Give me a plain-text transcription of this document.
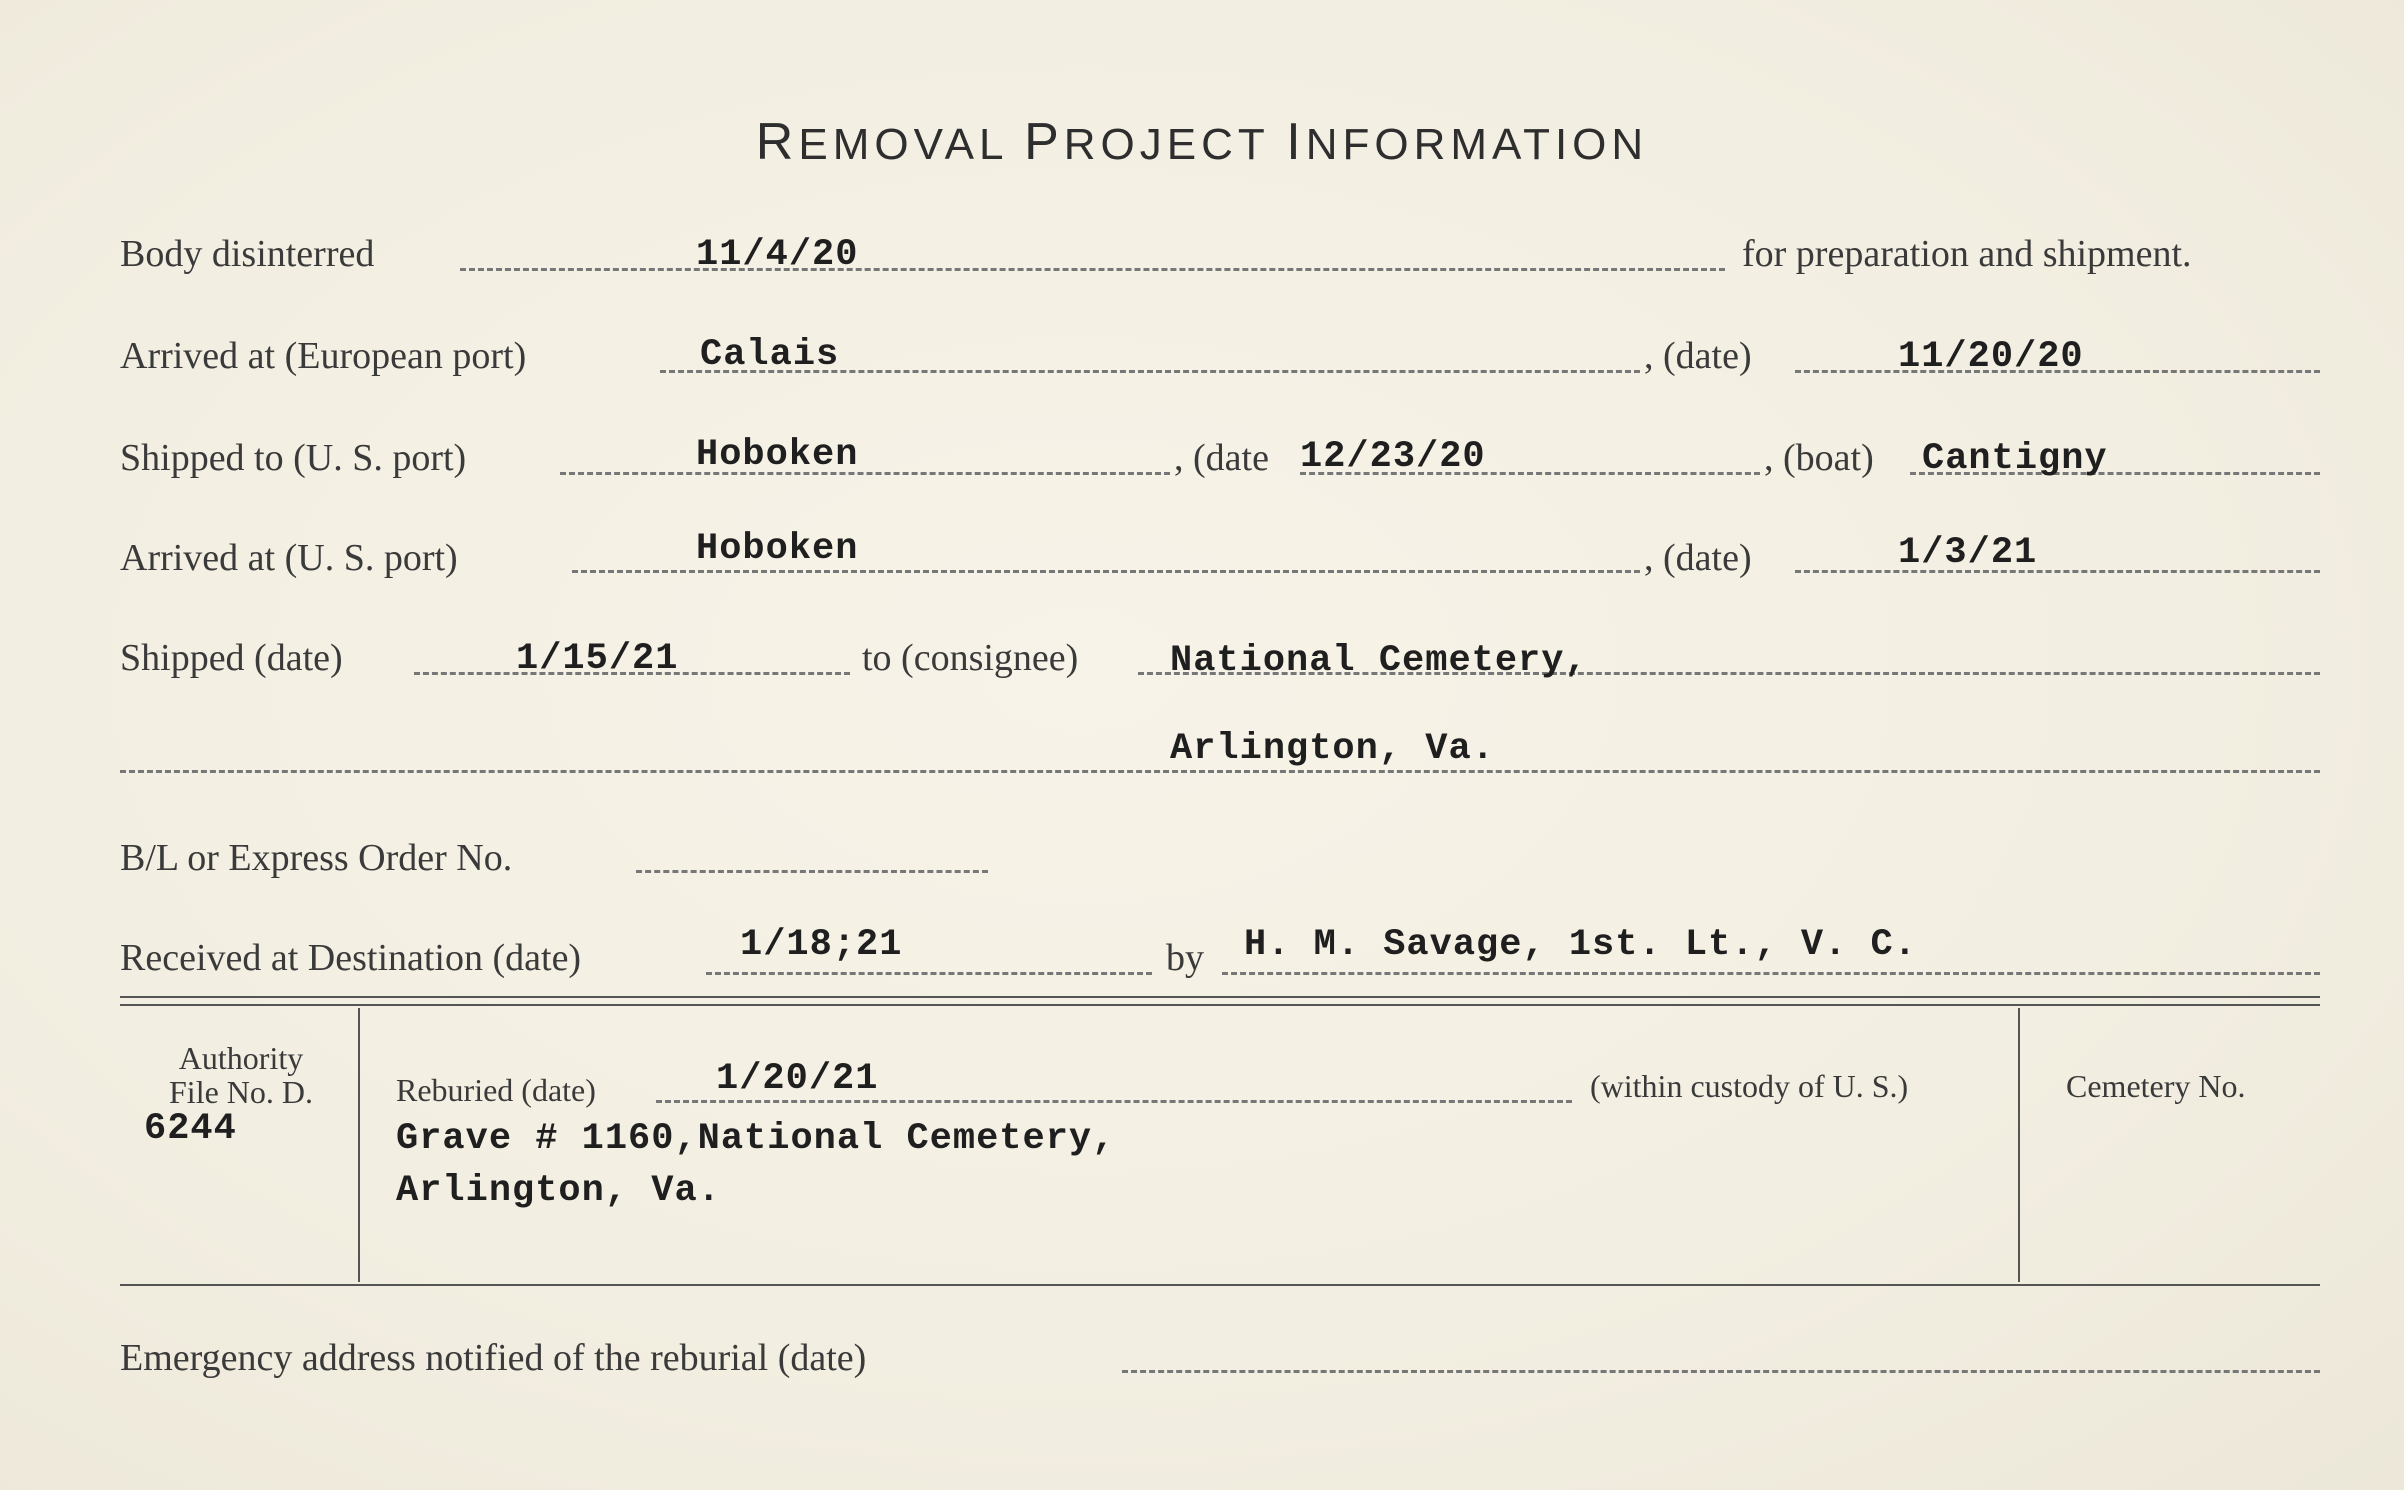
REMOVAL PROJECT INFORMATION
Body disinterred	11/4/20	for preparation and shipment.
Arrived at (European port)	Calais	, (date)	11/20/20
Shipped to (U. S. port)	Hoboken	, (date 12/23/20	, (boat) Cantigny
Arrived at (U. S. port)	Hoboken	, (date)	1/3/21
Shipped (date)	1/15/21	to (consignee) National Cemetery,
Arlington, Va.
B/L or Express Order No.
Received at Destination (date)	1/18;21	by H. M. Savage, 1st. Lt., V. C.
Authority
File No. D.
6244
Reburied (date)	1/20/21	(within custody of U. S.)
Grave # 1160,National Cemetery,
Arlington, Va.
Cemetery No.
Emergency address notified of the reburial (date)
